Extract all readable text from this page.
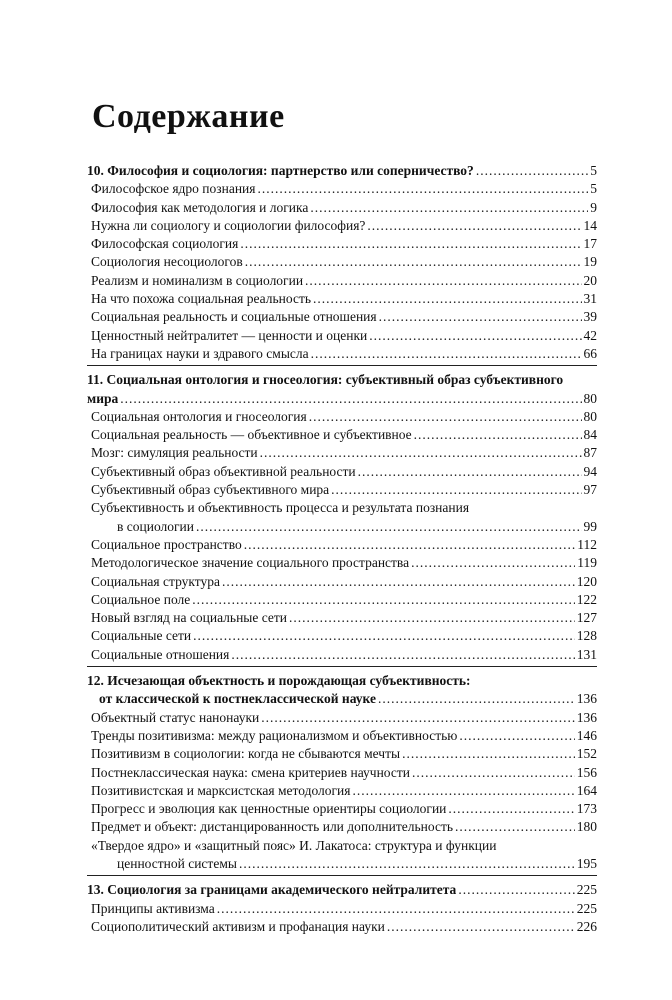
Содержание
10. Философия и социология: партнерство или соперничество? .....	5
Философское ядро познания .....	5
Философия как методология и логика .....	9
Нужна ли социологу и социологии философия? .....	14
Философская социология .....	17
Социология несоциологов .....	19
Реализм и номинализм в социологии .....	20
На что похожа социальная реальность .....	31
Социальная реальность и социальные отношения .....	39
Ценностный нейтралитет — ценности и оценки .....	42
На границах науки и здравого смысла .....	66
11. Социальная онтология и гносеология: субъективный образ субъективного
мира .....	80
Социальная онтология и гносеология .....	80
Социальная реальность — объективное и субъективное .....	84
Мозг: симуляция реальности .....	87
Субъективный образ объективной реальности .....	94
Субъективный образ субъективного мира .....	97
Субъективность и объективность процесса и результата познания
в социологии .....	99
Социальное пространство .....	112
Методологическое значение социального пространства .....	119
Социальная структура .....	120
Социальное поле .....	122
Новый взгляд на социальные сети .....	127
Социальные сети .....	128
Социальные отношения .....	131
12. Исчезающая объектность и порождающая субъективность:
от классической к постнеклассической науке .....	136
Объектный статус нанонауки .....	136
Тренды позитивизма: между рационализмом и объективностью .....	146
Позитивизм в социологии: когда не сбываются мечты .....	152
Постнеклассическая наука: смена критериев научности .....	156
Позитивистская и марксистская методология .....	164
Прогресс и эволюция как ценностные ориентиры социологии .....	173
Предмет и объект: дистанцированность или дополнительность .....	180
«Твердое ядро» и «защитный пояс» И. Лакатоса: структура и функции
ценностной системы .....	195
13. Социология за границами академического нейтралитета .....	225
Принципы активизма .....	225
Социополитический активизм и профанация науки .....	226
